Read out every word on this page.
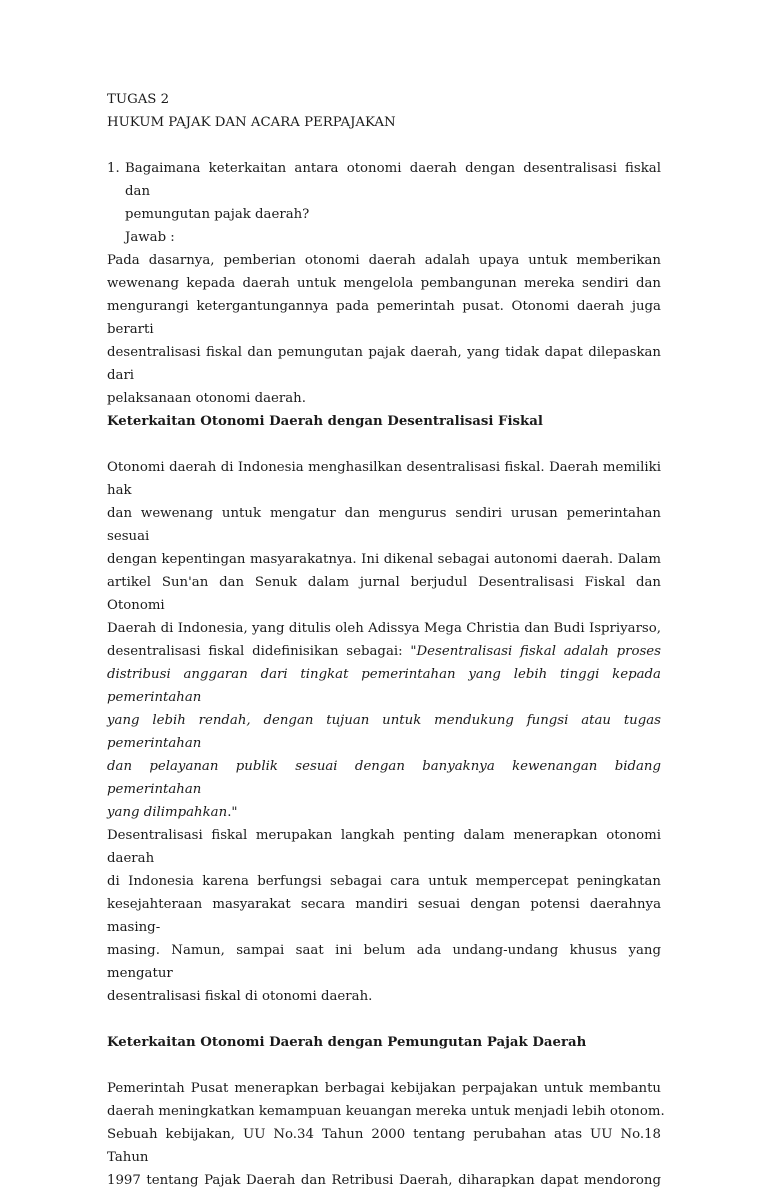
TUGAS 2
HUKUM PAJAK DAN ACARA PERPAJAKAN
1. Bagaimana keterkaitan antara otonomi daerah dengan desentralisasi fiskal dan
pemungutan pajak daerah?
Jawab :
Pada dasarnya, pemberian otonomi daerah adalah upaya untuk memberikan
wewenang kepada daerah untuk mengelola pembangunan mereka sendiri dan
mengurangi ketergantungannya pada pemerintah pusat. Otonomi daerah juga berarti
desentralisasi fiskal dan pemungutan pajak daerah, yang tidak dapat dilepaskan dari
pelaksanaan otonomi daerah.
Keterkaitan Otonomi Daerah dengan Desentralisasi Fiskal
Otonomi daerah di Indonesia menghasilkan desentralisasi fiskal. Daerah memiliki hak
dan wewenang untuk mengatur dan mengurus sendiri urusan pemerintahan sesuai
dengan kepentingan masyarakatnya. Ini dikenal sebagai autonomi daerah. Dalam
artikel Sun'an dan Senuk dalam jurnal berjudul Desentralisasi Fiskal dan Otonomi
Daerah di Indonesia, yang ditulis oleh Adissya Mega Christia dan Budi Ispriyarso,
desentralisasi fiskal didefinisikan sebagai: "Desentralisasi fiskal adalah proses
distribusi anggaran dari tingkat pemerintahan yang lebih tinggi kepada pemerintahan
yang lebih rendah, dengan tujuan untuk mendukung fungsi atau tugas pemerintahan
dan pelayanan publik sesuai dengan banyaknya kewenangan bidang pemerintahan
yang dilimpahkan."
Desentralisasi fiskal merupakan langkah penting dalam menerapkan otonomi daerah
di Indonesia karena berfungsi sebagai cara untuk mempercepat peningkatan
kesejahteraan masyarakat secara mandiri sesuai dengan potensi daerahnya masing-
masing. Namun, sampai saat ini belum ada undang-undang khusus yang mengatur
desentralisasi fiskal di otonomi daerah.
Keterkaitan Otonomi Daerah dengan Pemungutan Pajak Daerah
Pemerintah Pusat menerapkan berbagai kebijakan perpajakan untuk membantu
daerah meningkatkan kemampuan keuangan mereka untuk menjadi lebih otonom.
Sebuah kebijakan, UU No.34 Tahun 2000 tentang perubahan atas UU No.18 Tahun
1997 tentang Pajak Daerah dan Retribusi Daerah, diharapkan dapat mendorong
